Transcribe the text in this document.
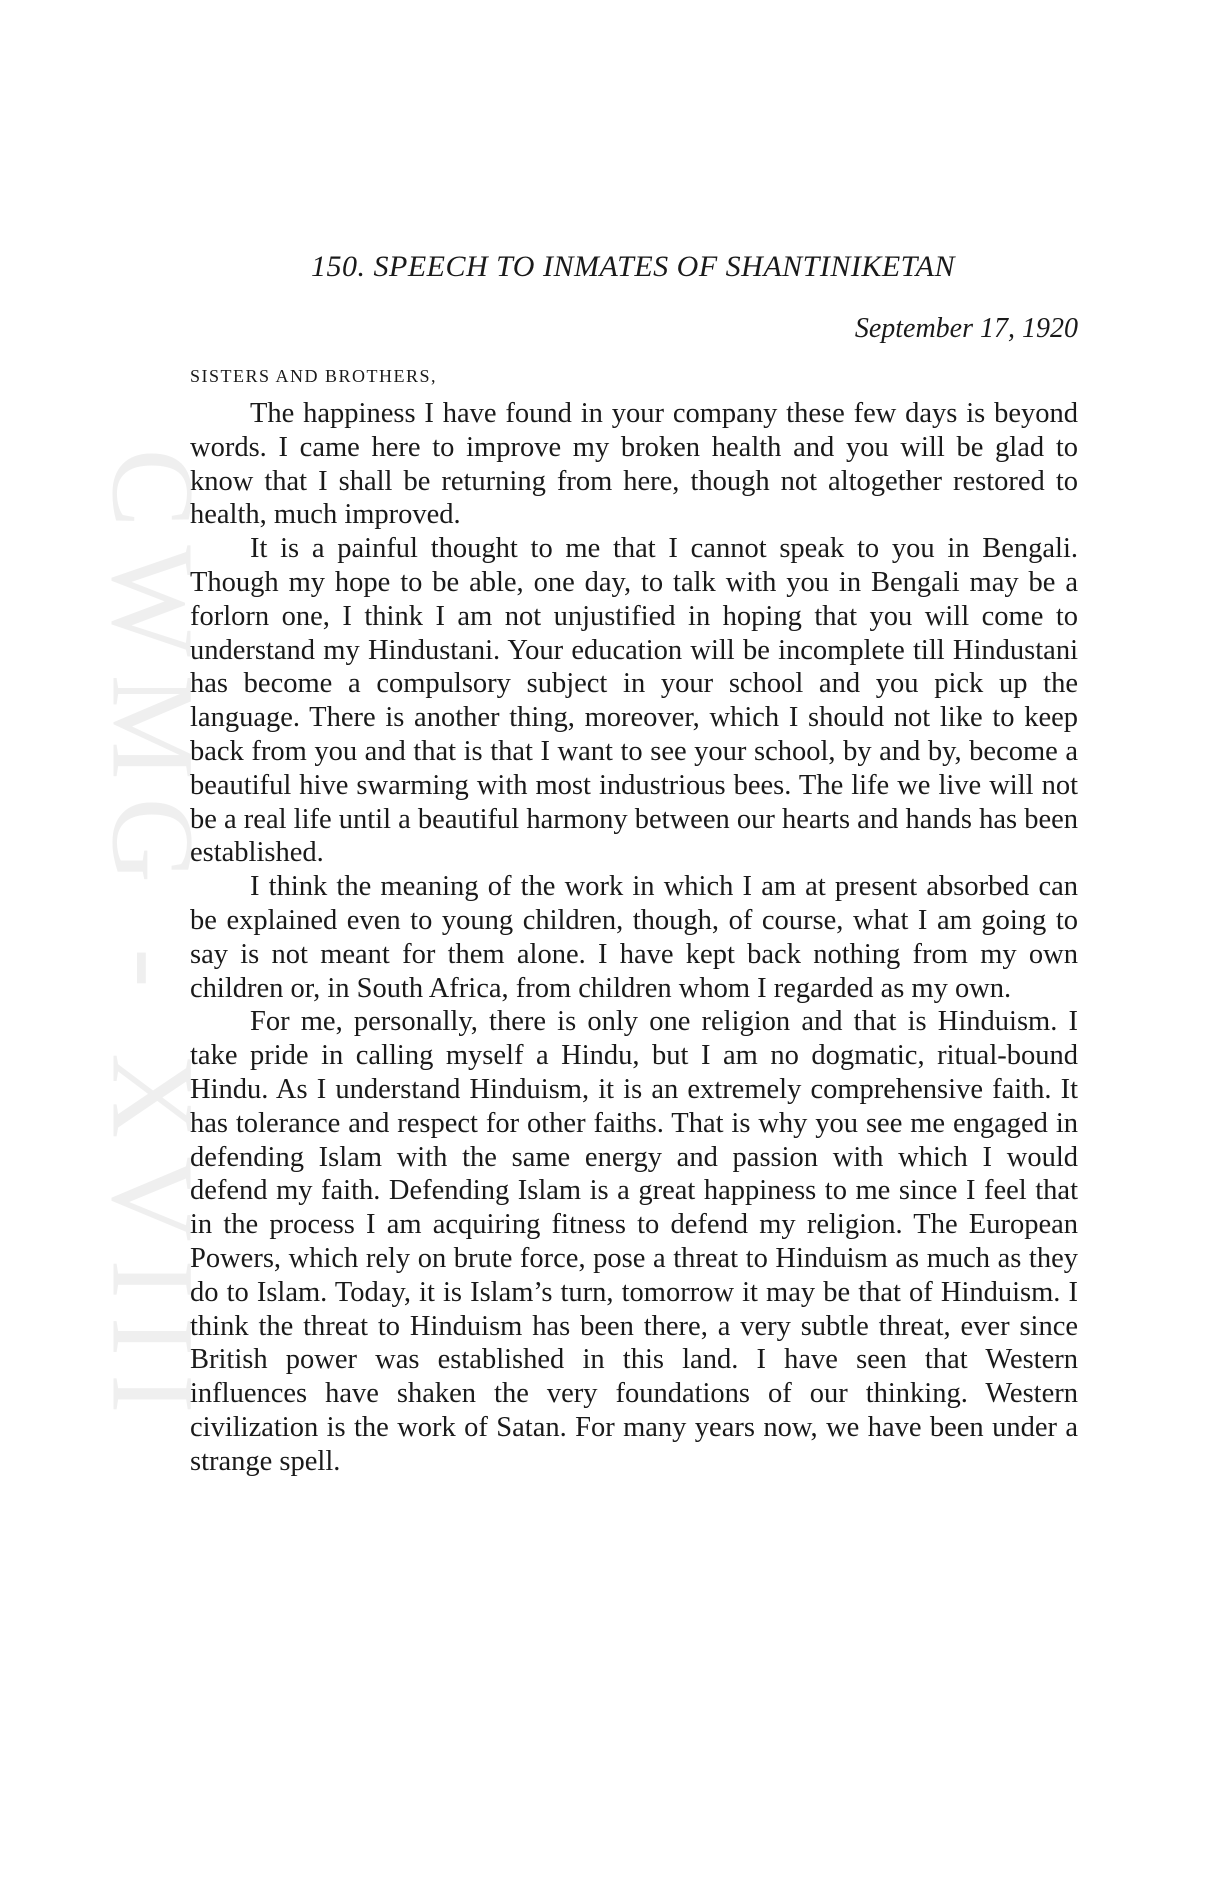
CWMG - XVIII
150. SPEECH TO INMATES OF SHANTINIKETAN

September 17, 1920

SISTERS AND BROTHERS,

The happiness I have found in your company these few days is beyond words. I came here to improve my broken health and you will be glad to know that I shall be returning from here, though not altogether restored to health, much improved.

It is a painful thought to me that I cannot speak to you in Bengali. Though my hope to be able, one day, to talk with you in Bengali may be a forlorn one, I think I am not unjustified in hoping that you will come to understand my Hindustani. Your education will be incomplete till Hindustani has become a compulsory subject in your school and you pick up the language. There is another thing, moreover, which I should not like to keep back from you and that is that I want to see your school, by and by, become a beautiful hive swarming with most industrious bees. The life we live will not be a real life until a beautiful harmony between our hearts and hands has been established.

I think the meaning of the work in which I am at present absorbed can be explained even to young children, though, of course, what I am going to say is not meant for them alone. I have kept back nothing from my own children or, in South Africa, from children whom I regarded as my own.

For me, personally, there is only one religion and that is Hinduism. I take pride in calling myself a Hindu, but I am no dogmatic, ritual-bound Hindu. As I understand Hinduism, it is an extremely comprehensive faith. It has tolerance and respect for other faiths. That is why you see me engaged in defending Islam with the same energy and passion with which I would defend my faith. Defending Islam is a great happiness to me since I feel that in the process I am acquiring fitness to defend my religion. The European Powers, which rely on brute force, pose a threat to Hinduism as much as they do to Islam. Today, it is Islam’s turn, tomorrow it may be that of Hinduism. I think the threat to Hinduism has been there, a very subtle threat, ever since British power was established in this land. I have seen that Western influences have shaken the very foundations of our thinking. Western civilization is the work of Satan. For many years now, we have been under a strange spell.
